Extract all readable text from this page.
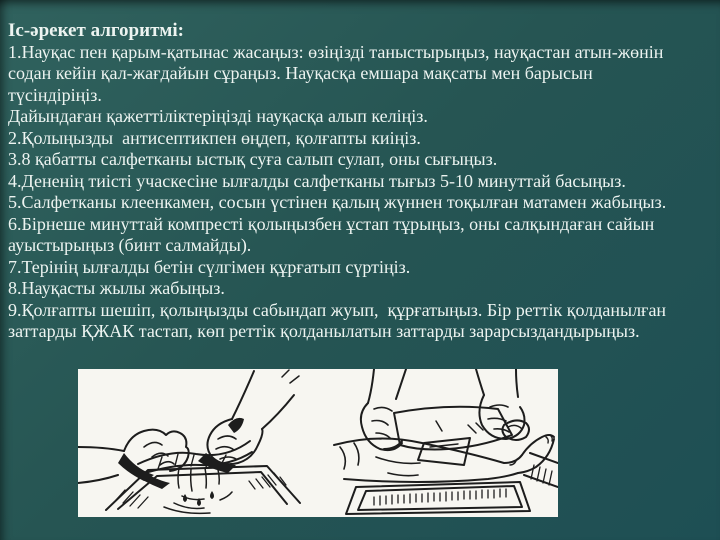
Іс-әрекет алгоритмі:
1.Науқас пен қарым-қатынас жасаңыз: өзіңізді таныстырыңыз, науқастан атын-жөнін
содан кейін қал-жағдайын сұраңыз. Науқасқа емшара мақсаты мен барысын
түсіндіріңіз.
Дайындаған қажеттіліктеріңізді науқасқа алып келіңіз.
2.Қолыңызды  антисептикпен өңдеп, қолғапты киіңіз.
3.8 қабатты салфетканы ыстық суға салып сулап, оны сығыңыз.
4.Дененің тиісті учаскесіне ылғалды салфетканы тығыз 5-10 минуттай басыңыз.
5.Салфетканы клеенкамен, сосын үстінен қалың жүннен тоқылған матамен жабыңыз.
6.Бірнеше минуттай компресті қолыңызбен ұстап тұрыңыз, оны салқындаған сайын
ауыстырыңыз (бинт салмайды).
7.Терінің ылғалды бетін сүлгімен құрғатып сүртіңіз.
8.Науқасты жылы жабыңыз.
9.Қолғапты шешіп, қолыңызды сабындап жуып,  құрғатыңыз. Бір реттік қолданылған
заттарды ҚЖАК тастап, көп реттік қолданылатын заттарды зарарсыздандырыңыз.
